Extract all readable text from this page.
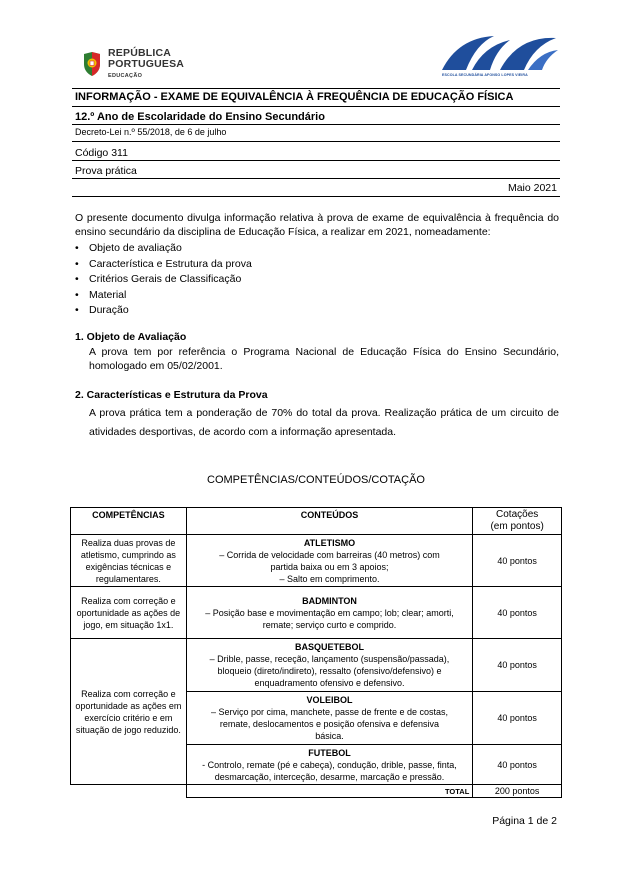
REPÚBLICA
PORTUGUESA
EDUCAÇÃO	ESCOLA SECUNDÁRIA AFONSO LOPES VIEIRA
INFORMAÇÃO - EXAME DE EQUIVALÊNCIA À FREQUÊNCIA DE EDUCAÇÃO FÍSICA
12.º Ano de Escolaridade do Ensino Secundário
Decreto-Lei n.º 55/2018, de 6 de julho
Código 311
Prova prática
Maio 2021
O presente documento divulga informação relativa à prova de exame de equivalência à frequência do ensino secundário da disciplina de Educação Física, a realizar em 2021, nomeadamente:
• Objeto de avaliação
• Característica e Estrutura da prova
• Critérios Gerais de Classificação
• Material
• Duração
1. Objeto de Avaliação
A prova tem por referência o Programa Nacional de Educação Física do Ensino Secundário, homologado em 05/02/2001.
2. Características e Estrutura da Prova
A prova prática tem a ponderação de 70% do total da prova. Realização prática de um circuito de atividades desportivas, de acordo com a informação apresentada.
COMPETÊNCIAS/CONTEÚDOS/COTAÇÃO
COMPETÊNCIAS	CONTEÚDOS	Cotações
(em pontos)

Realiza duas provas de atletismo, cumprindo as exigências técnicas e regulamentares.	ATLETISMO
– Corrida de velocidade com barreiras (40 metros) com
partida baixa ou em 3 apoios;
– Salto em comprimento.	40 pontos
Realiza com correção e oportunidade as ações de jogo, em situação 1x1.	BADMINTON
– Posição base e movimentação em campo; lob; clear; amorti,
remate; serviço curto e comprido.	40 pontos
Realiza com correção e oportunidade as ações em exercício critério e em situação de jogo reduzido.	BASQUETEBOL
– Drible, passe, receção, lançamento (suspensão/passada),
bloqueio (direto/indireto), ressalto (ofensivo/defensivo) e
enquadramento ofensivo e defensivo.	40 pontos

	VOLEIBOL
– Serviço por cima, manchete, passe de frente e de costas,
remate, deslocamentos e posição ofensiva e defensiva
básica.	40 pontos

	FUTEBOL
- Controlo, remate (pé e cabeça), condução, drible, passe, finta,
desmarcação, interceção, desarme, marcação e pressão.	40 pontos
	TOTAL	200 pontos
Página 1 de 2
